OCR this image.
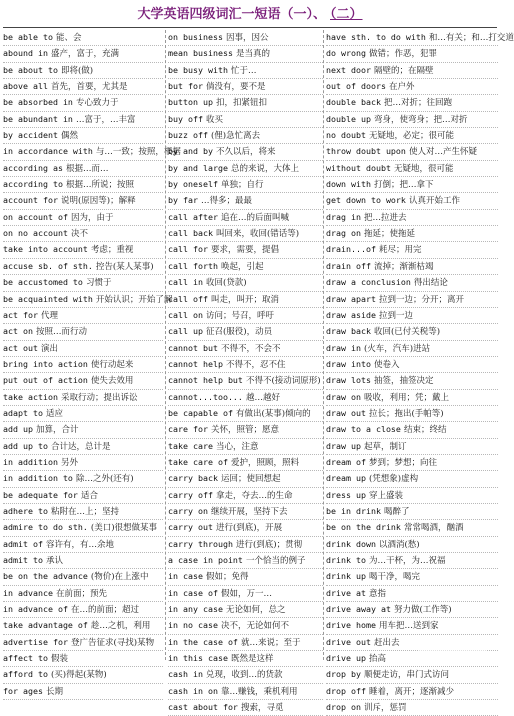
大学英语四级词汇一短语（一）、 （二）
be able to 能、会
abound in 盛产，富于，充满
be about to 即将(做)
above all 首先，首要，尤其是
be absorbed in 专心致力于
be abundant in …富于，…丰富
by accident 偶然
in accordance with 与…一致；按照，根据
according as 根据…而…
according to 根据…所说；按照
account for 说明(原因等)；解释
on account of 因为，由于
on no account 决不
take into account 考虑；重视
accuse sb. of sth. 控告(某人某事)
be accustomed to 习惯于
be acquainted with 开始认识；开始了解
act for 代理
act on 按照…而行动
act out 演出
bring into action 使行动起来
put out of action 使失去效用
take action 采取行动；提出诉讼
adapt to 适应
add up 加算，合计
add up to 合计达，总计是
in addition 另外
in addition to 除…之外(还有)
be adequate for 适合
adhere to 粘附在…上；坚持
admire to do sth. (美口)很想做某事
admit of 容许有，有…余地
admit to 承认
be on the advance (物价)在上涨中
in advance 在前面；预先
in advance of 在…的前面；超过
take advantage of 趁…之机，利用
advertise for 登广告征求(寻找)某物
affect to 假装
afford to (买)得起(某物)
for ages 长期
on business 因事，因公
mean business 是当真的
be busy with 忙于…
but for 倘没有，要不是
button up 扣，扣紧钮扣
buy off 收买
buzz off (俚)急忙离去
by and by 不久以后，将来
by and large 总的来说，大体上
by oneself 单独；自行
by far …得多；最最
call after 追在…的后面叫喊
call back 叫回来，收回(错话等)
call for 要求，需要，提倡
call forth 唤起，引起
call in 收回(贷款)
call off 叫走，叫开；取消
call on 访问；号召，呼吁
call up 征召(服役)，动员
cannot but 不得不，不会不
cannot help 不得不，忍不住
cannot help but 不得不(接动词原形)
cannot...too... 越…越好
be capable of 有做出(某事)倾向的
care for 关怀，照管；愿意
take care 当心，注意
take care of 爱护，照顾，照料
carry back 运回；使回想起
carry off 拿走，夺去…的生命
carry on 继续开展，坚持下去
carry out 进行(到底)，开展
carry through 进行(到底)；贯彻
a case in point 一个恰当的例子
in case 假如；免得
in case of 假如，万一…
in any case 无论如何，总之
in no case 决不，无论如何不
in the case of 就…来说；至于
in this case 既然是这样
cash in 兑现，收到…的货款
cash in on 靠…赚钱，乘机利用
cast about for 搜索，寻觅
have sth. to do with 和…有关；和…打交道
do wrong 做错；作恶，犯罪
next door 隔壁的；在隔壁
out of doors 在户外
double back 把…对折；往回跑
double up 弯身，使弯身；把…对折
no doubt 无疑地，必定；很可能
throw doubt upon 使人对…产生怀疑
without doubt 无疑地，很可能
down with 打倒；把…拿下
get down to work 认真开始工作
drag in 把…拉进去
drag on 拖延；使拖延
drain...of 耗尽；用完
drain off 流掉；渐渐枯竭
draw a conclusion 得出结论
draw apart 拉到一边；分开；离开
draw aside 拉到一边
draw back 收回(已付关税等)
draw in (火车，汽车)进站
draw into 使卷入
draw lots 抽签，抽签决定
draw on 吸收，利用；凭；戴上
draw out 拉长；拖出(手帕等)
draw to a close 结束；终结
draw up 起草，制订
dream of 梦到；梦想；向往
dream up (凭想象)虚构
dress up 穿上盛装
be in drink 喝醉了
be on the drink 常常喝酒，酗酒
drink down 以酒消(愁)
drink to 为…干杯，为…祝福
drink up 喝干净，喝完
drive at 意指
drive away at 努力做(工作等)
drive home 用车把…送到家
drive out 赶出去
drive up 抬高
drop by 顺便走访，串门式访问
drop off 睡着，离开；逐渐减少
drop on 训斥，惩罚
